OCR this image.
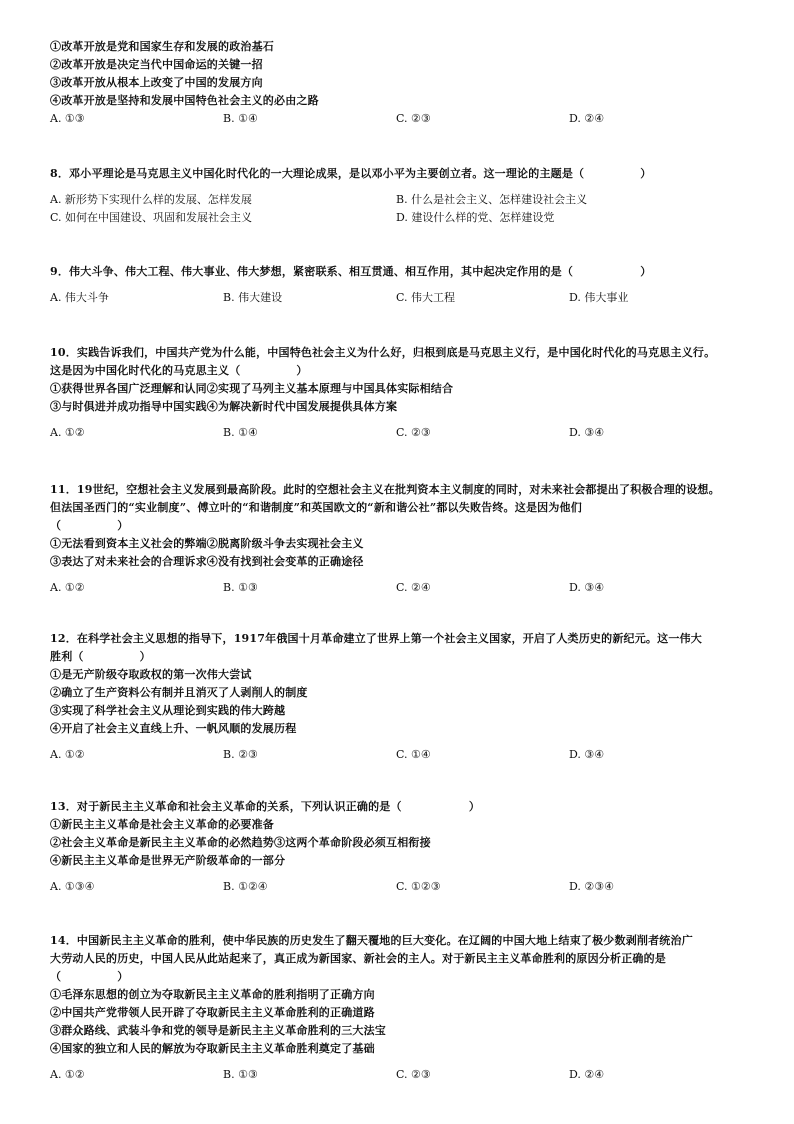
①改革开放是党和国家生存和发展的政治基石
②改革开放是决定当代中国命运的关键一招
③改革开放从根本上改变了中国的发展方向
④改革开放是坚持和发展中国特色社会主义的必由之路
A. ①③	B. ①④	C. ②③	D. ②④
8．邓小平理论是马克思主义中国化时代化的一大理论成果，是以邓小平为主要创立者。这一理论的主题是（　　　　　）
A. 新形势下实现什么样的发展、怎样发展	B. 什么是社会主义、怎样建设社会主义
C. 如何在中国建设、巩固和发展社会主义	D. 建设什么样的党、怎样建设党
9．伟大斗争、伟大工程、伟大事业、伟大梦想，紧密联系、相互贯通、相互作用，其中起决定作用的是（　　　　　　）
A. 伟大斗争	B. 伟大建设	C. 伟大工程	D. 伟大事业
10．实践告诉我们，中国共产党为什么能，中国特色社会主义为什么好，归根到底是马克思主义行，是中国化时代化的马克思主义行。
这是因为中国化时代化的马克思主义（　　　　　）
①获得世界各国广泛理解和认同②实现了马列主义基本原理与中国具体实际相结合
③与时俱进并成功指导中国实践④为解决新时代中国发展提供具体方案
A. ①②	B. ①④	C. ②③	D. ③④
11．19世纪，空想社会主义发展到最高阶段。此时的空想社会主义在批判资本主义制度的同时，对未来社会都提出了积极合理的设想。
但法国圣西门的“实业制度”、傅立叶的“和谐制度”和英国欧文的“新和谐公社”都以失败告终。这是因为他们
（　　　　　）
①无法看到资本主义社会的弊端②脱离阶级斗争去实现社会主义
③表达了对未来社会的合理诉求④没有找到社会变革的正确途径
A. ①②	B. ①③	C. ②④	D. ③④
12．在科学社会主义思想的指导下，1917年俄国十月革命建立了世界上第一个社会主义国家，开启了人类历史的新纪元。这一伟大
胜利（　　　　　）
①是无产阶级夺取政权的第一次伟大尝试
②确立了生产资料公有制并且消灭了人剥削人的制度
③实现了科学社会主义从理论到实践的伟大跨越
④开启了社会主义直线上升、一帆风顺的发展历程
A. ①②	B. ②③	C. ①④	D. ③④
13．对于新民主主义革命和社会主义革命的关系，下列认识正确的是（　　　　　　）
①新民主主义革命是社会主义革命的必要准备
②社会主义革命是新民主主义革命的必然趋势③这两个革命阶段必须互相衔接
④新民主主义革命是世界无产阶级革命的一部分
A. ①③④	B. ①②④	C. ①②③	D. ②③④
14．中国新民主主义革命的胜利，使中华民族的历史发生了翻天覆地的巨大变化。在辽阔的中国大地上结束了极少数剥削者统治广
大劳动人民的历史，中国人民从此站起来了，真正成为新国家、新社会的主人。对于新民主主义革命胜利的原因分析正确的是
（　　　　　）
①毛泽东思想的创立为夺取新民主主义革命的胜利指明了正确方向
②中国共产党带领人民开辟了夺取新民主主义革命胜利的正确道路
③群众路线、武装斗争和党的领导是新民主主义革命胜利的三大法宝
④国家的独立和人民的解放为夺取新民主主义革命胜利奠定了基础
A. ①②	B. ①③	C. ②③	D. ②④
